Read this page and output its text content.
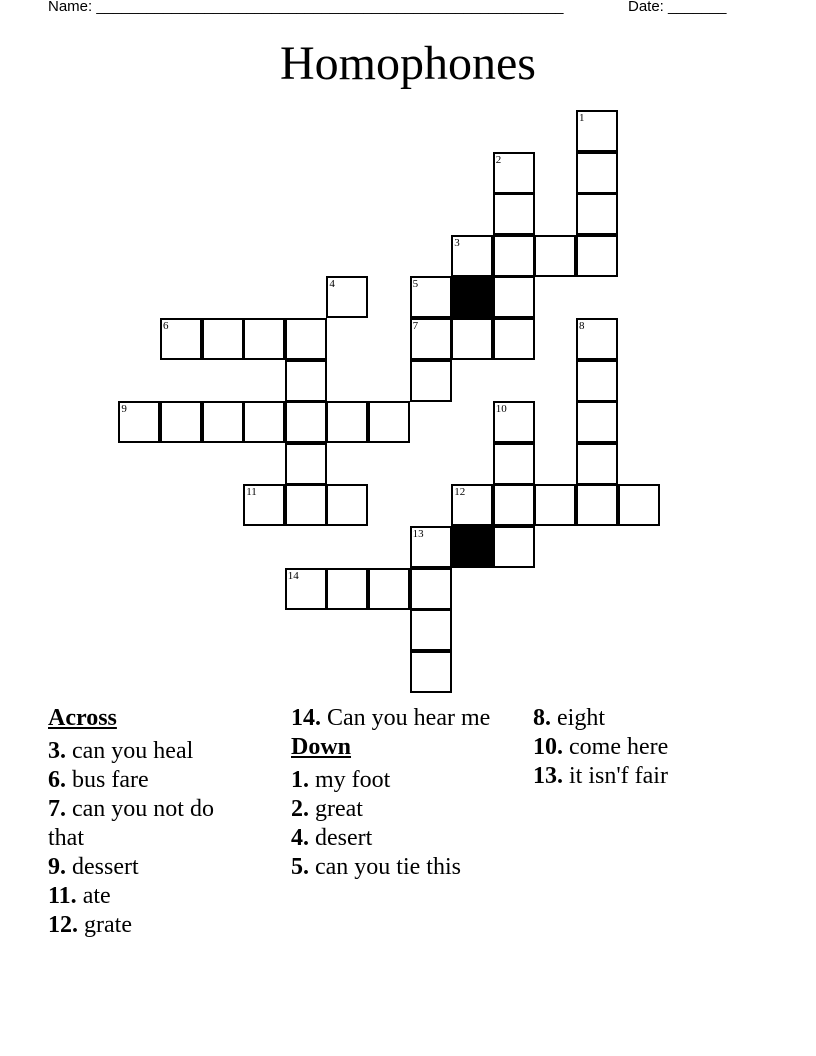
Name: ________________________________________________________

	Date: _______

Homophones
1
2
3
4	5
6	7	8
9	10
11	12
13
14
Across
3. can you heal
6. bus fare
7. can you not do that
9. dessert
11. ate
12. grate
14. Can you hear me
Down
1. my foot
2. great
4. desert
5. can you tie this
8. eight
10. come here
13. it isn'f fair
